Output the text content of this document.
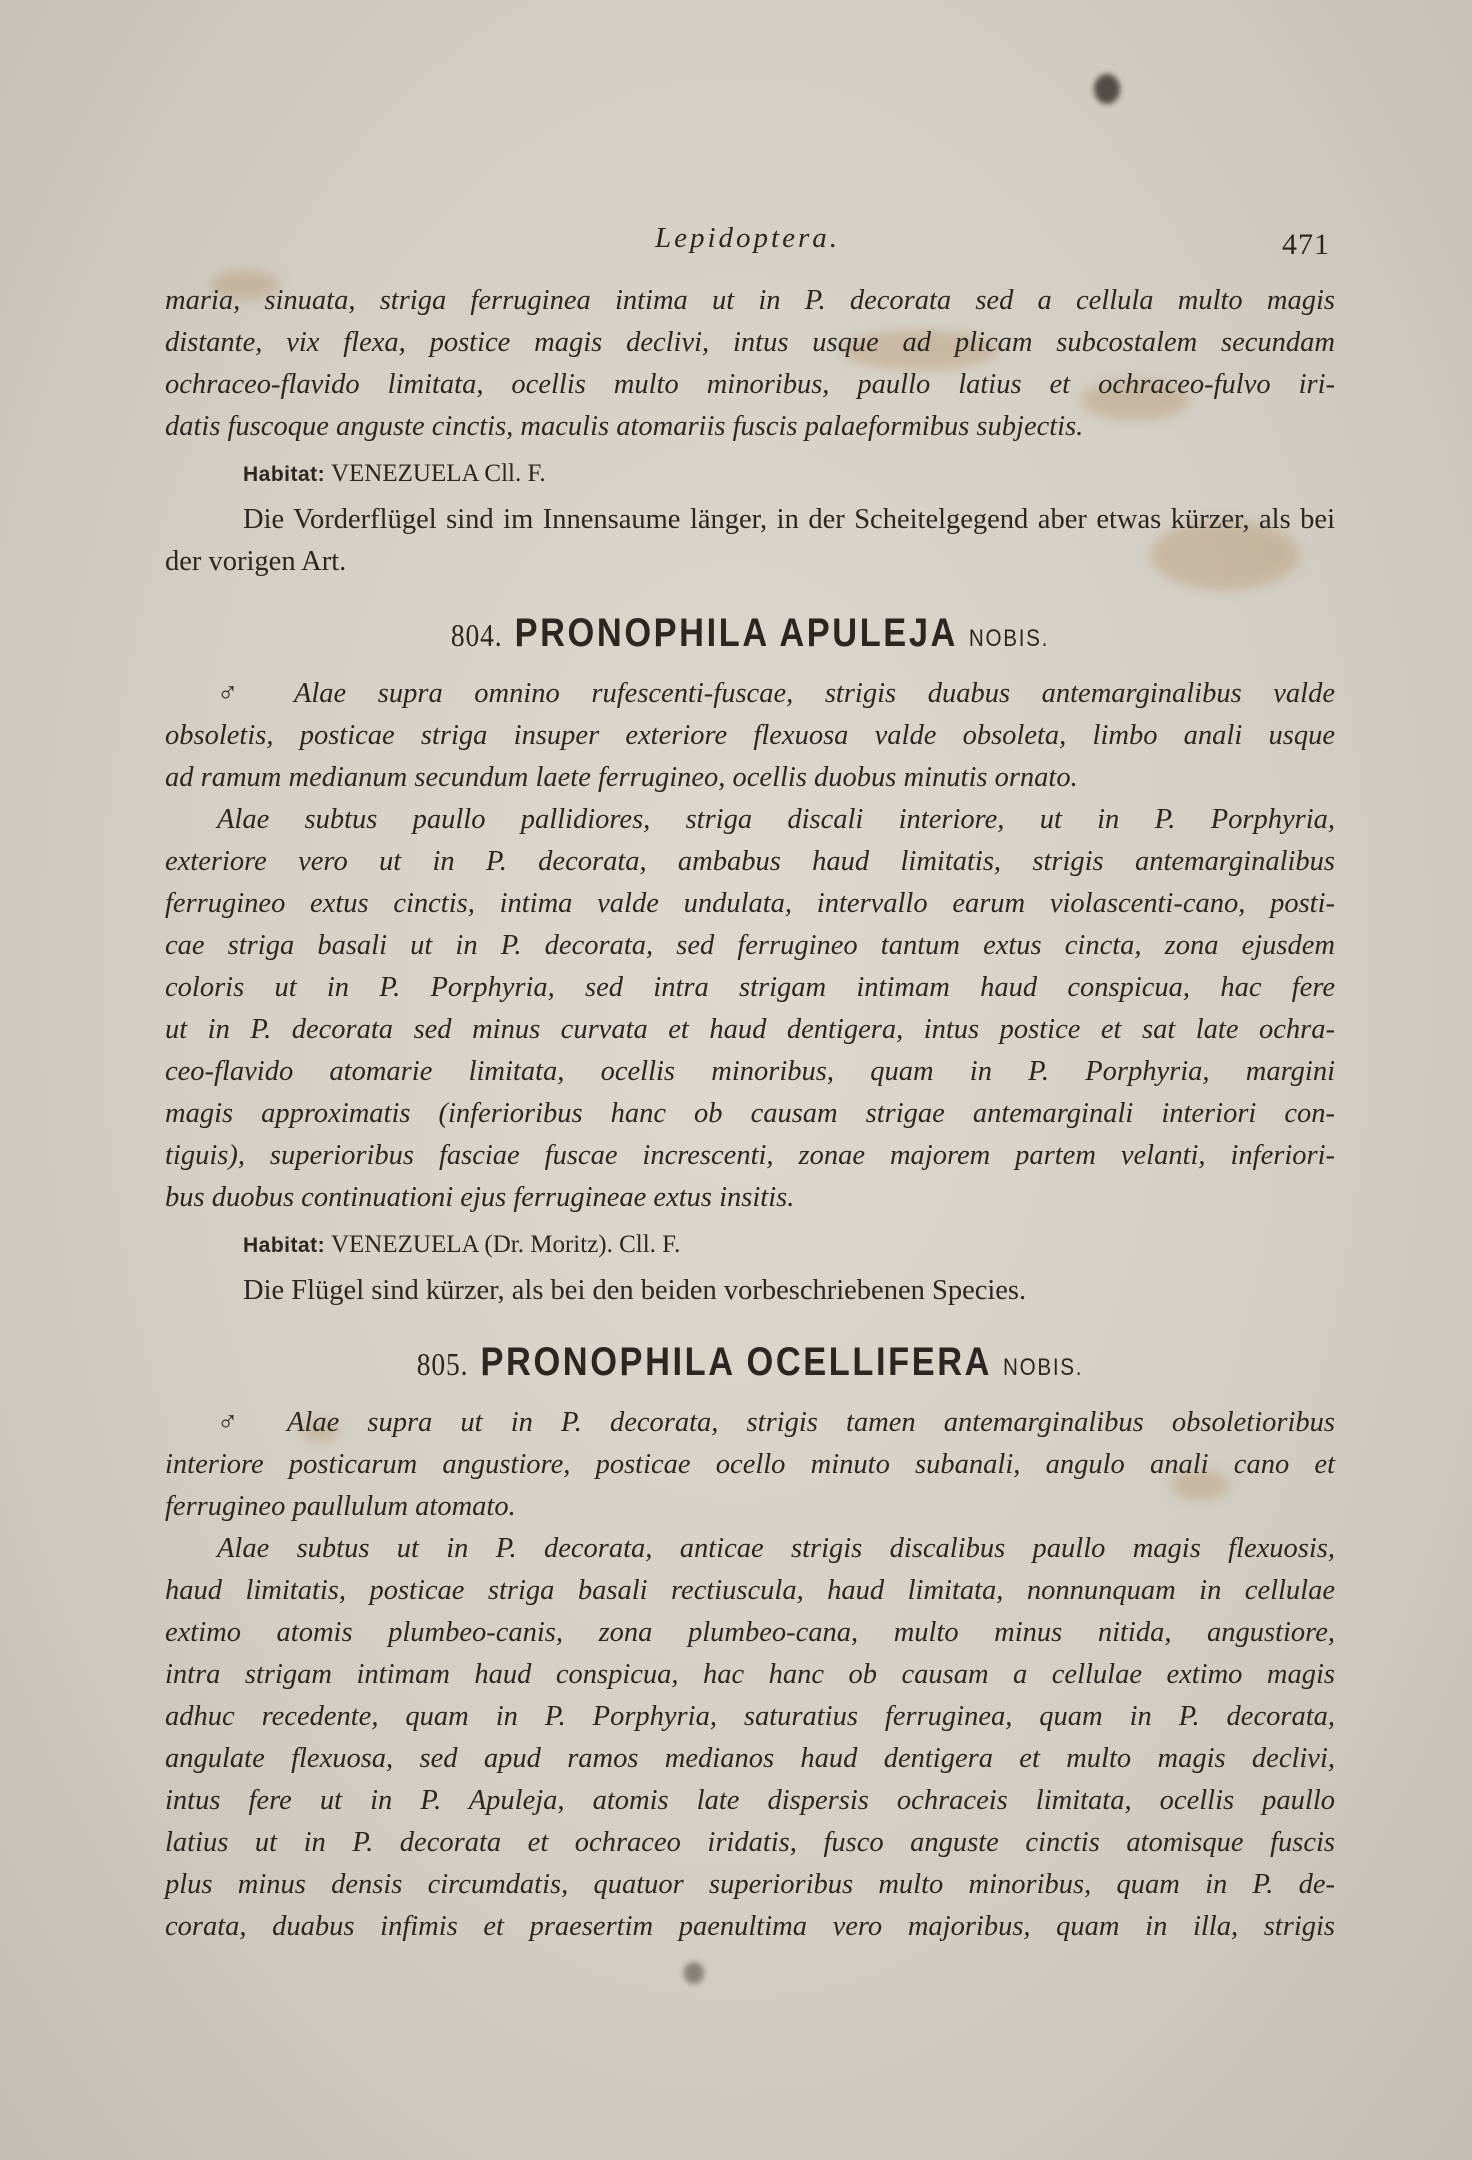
Lepidoptera.	471

maria, sinuata, striga ferruginea intima ut in P. decorata sed a cellula multo magis

distante, vix flexa, postice magis declivi, intus usque ad plicam subcostalem secundam

ochraceo-flavido limitata, ocellis multo minoribus, paullo latius et ochraceo-fulvo iri-

datis fuscoque anguste cinctis, maculis atomariis fuscis palaeformibus subjectis.

Habitat: VENEZUELA Cll. F.

Die Vorderflügel sind im Innensaume länger, in der Scheitelgegend aber etwas kürzer, als bei der vorigen Art.

804. PRONOPHILA APULEJA NOBIS.

♂ Alae supra omnino rufescenti-fuscae, strigis duabus antemarginalibus valde

obsoletis, posticae striga insuper exteriore flexuosa valde obsoleta, limbo anali usque

ad ramum medianum secundum laete ferrugineo, ocellis duobus minutis ornato.

Alae subtus paullo pallidiores, striga discali interiore, ut in P. Porphyria,

exteriore vero ut in P. decorata, ambabus haud limitatis, strigis antemarginalibus

ferrugineo extus cinctis, intima valde undulata, intervallo earum violascenti-cano, posti-

cae striga basali ut in P. decorata, sed ferrugineo tantum extus cincta, zona ejusdem

coloris ut in P. Porphyria, sed intra strigam intimam haud conspicua, hac fere

ut in P. decorata sed minus curvata et haud dentigera, intus postice et sat late ochra-

ceo-flavido atomarie limitata, ocellis minoribus, quam in P. Porphyria, margini

magis approximatis (inferioribus hanc ob causam strigae antemarginali interiori con-

tiguis), superioribus fasciae fuscae increscenti, zonae majorem partem velanti, inferiori-

bus duobus continuationi ejus ferrugineae extus insitis.

Habitat: VENEZUELA (Dr. Moritz). Cll. F.

Die Flügel sind kürzer, als bei den beiden vorbeschriebenen Species.

805. PRONOPHILA OCELLIFERA NOBIS.

♂ Alae supra ut in P. decorata, strigis tamen antemarginalibus obsoletioribus

interiore posticarum angustiore, posticae ocello minuto subanali, angulo anali cano et

ferrugineo paullulum atomato.

Alae subtus ut in P. decorata, anticae strigis discalibus paullo magis flexuosis,

haud limitatis, posticae striga basali rectiuscula, haud limitata, nonnunquam in cellulae

extimo atomis plumbeo-canis, zona plumbeo-cana, multo minus nitida, angustiore,

intra strigam intimam haud conspicua, hac hanc ob causam a cellulae extimo magis

adhuc recedente, quam in P. Porphyria, saturatius ferruginea, quam in P. decorata,

angulate flexuosa, sed apud ramos medianos haud dentigera et multo magis declivi,

intus fere ut in P. Apuleja, atomis late dispersis ochraceis limitata, ocellis paullo

latius ut in P. decorata et ochraceo iridatis, fusco anguste cinctis atomisque fuscis

plus minus densis circumdatis, quatuor superioribus multo minoribus, quam in P. de-

corata, duabus infimis et praesertim paenultima vero majoribus, quam in illa, strigis
